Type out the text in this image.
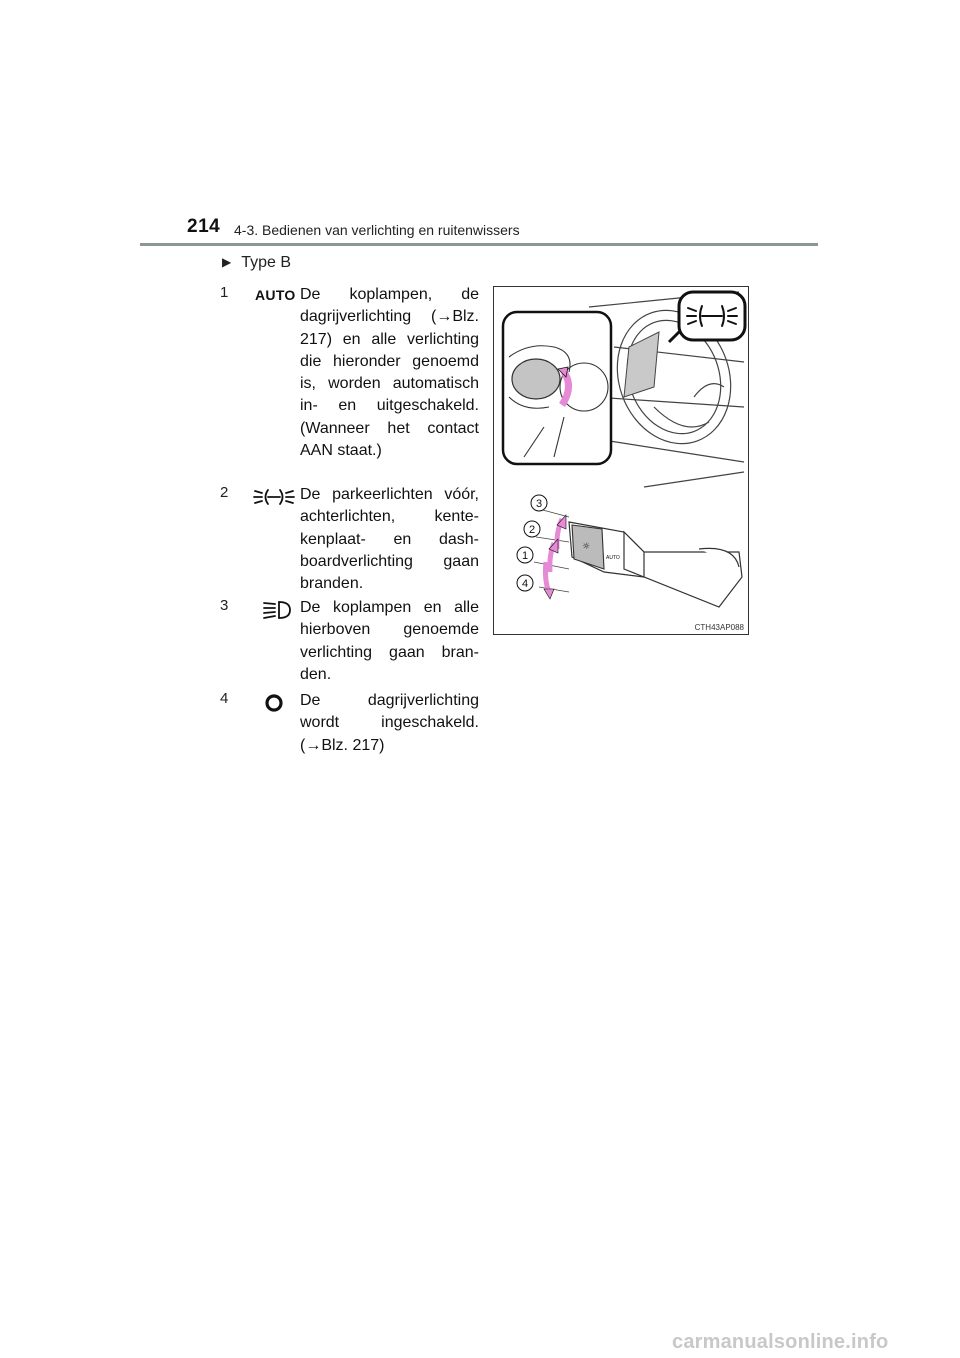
214 4-3. Bedienen van verlichting en ruitenwissers
▶ Type B
1 AUTO De koplampen, de dagrijverlichting (→Blz. 217) en alle verlichting die hieronder genoemd is, worden automatisch in- en uitgeschakeld. (Wanneer het contact AAN staat.)
2	De parkeerlichten vóór, achterlichten, kentekenplaat- en dashboardverlichting gaan branden.
3	De koplampen en alle hierboven genoemde verlichting gaan branden.
4	De dagrijverlichting wordt ingeschakeld. (→Blz. 217)
☼
AUTO
3
2
1
4
CTH43AP088
carmanualsonline.info
